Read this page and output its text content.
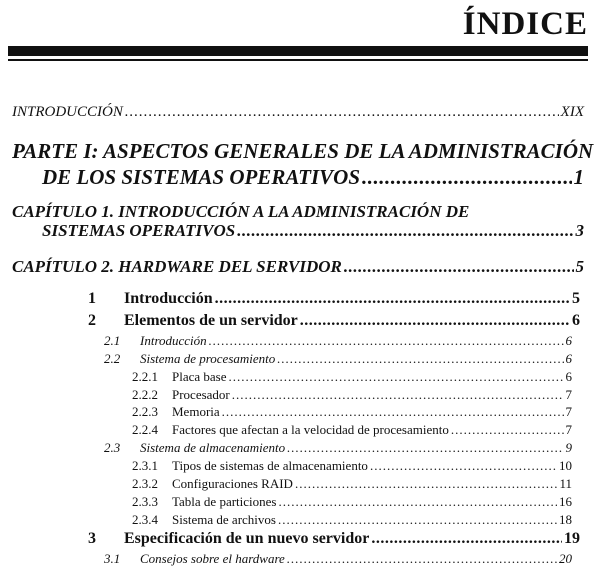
ÍNDICE
INTRODUCCIÓN .....	XIX
PARTE I: ASPECTOS GENERALES DE LA ADMINISTRACIÓN
DE LOS SISTEMAS OPERATIVOS .....	1
CAPÍTULO 1. INTRODUCCIÓN A LA ADMINISTRACIÓN DE
SISTEMAS OPERATIVOS .....	3
CAPÍTULO 2. HARDWARE DEL SERVIDOR .....	5
1	Introducción .....	5
2	Elementos de un servidor .....	6
2.1	Introducción .....	6
2.2	Sistema de procesamiento .....	6
2.2.1	Placa base .....	6
2.2.2	Procesador .....	7
2.2.3	Memoria .....	7
2.2.4	Factores que afectan a la velocidad de procesamiento .....	7
2.3	Sistema de almacenamiento .....	9
2.3.1	Tipos de sistemas de almacenamiento .....	10
2.3.2	Configuraciones RAID .....	11
2.3.3	Tabla de particiones .....	16
2.3.4	Sistema de archivos .....	18
3	Especificación de un nuevo servidor .....	19
3.1	Consejos sobre el hardware .....	20
